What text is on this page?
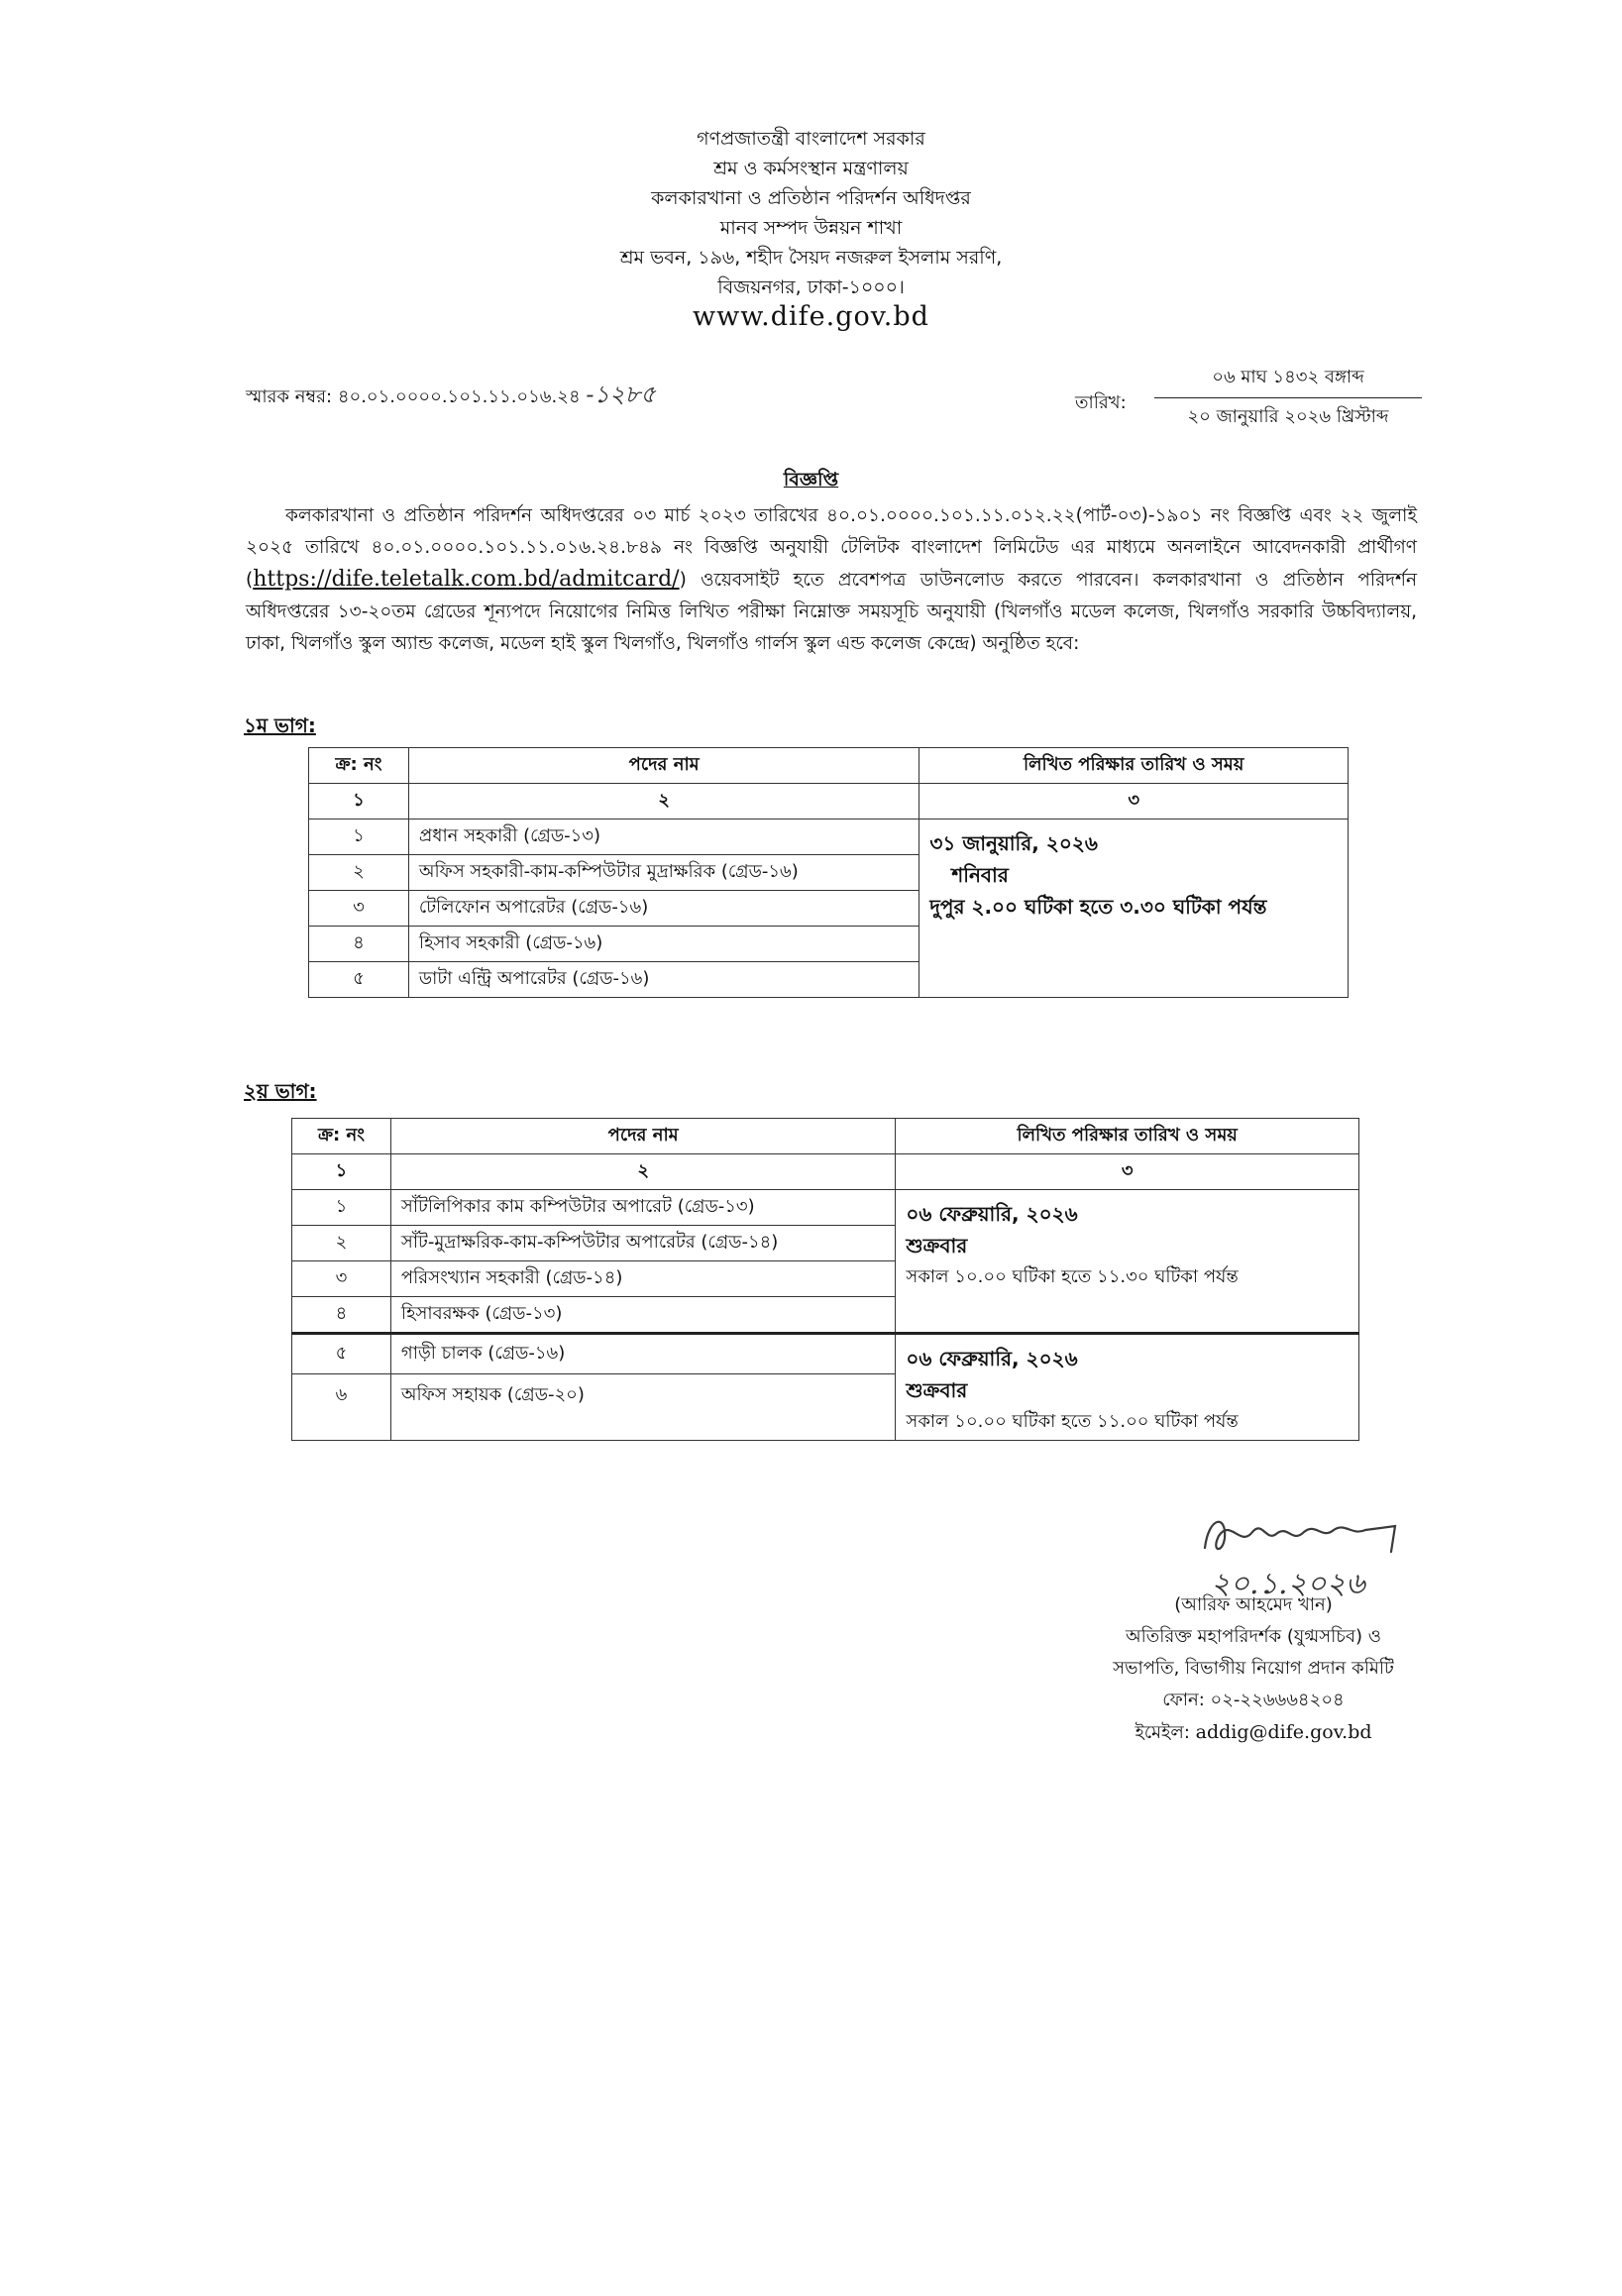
গণপ্রজাতন্ত্রী বাংলাদেশ সরকার
শ্রম ও কর্মসংস্থান মন্ত্রণালয়
কলকারখানা ও প্রতিষ্ঠান পরিদর্শন অধিদপ্তর
মানব সম্পদ উন্নয়ন শাখা
শ্রম ভবন, ১৯৬, শহীদ সৈয়দ নজরুল ইসলাম সরণি,
বিজয়নগর, ঢাকা-১০০০।
www.dife.gov.bd
স্মারক নম্বর: ৪০.০১.০০০০.১০১.১১.০১৬.২৪ -১২৮৫	তারিখ:
০৬ মাঘ ১৪৩২ বঙ্গাব্দ
২০ জানুয়ারি ২০২৬ খ্রিস্টাব্দ
বিজ্ঞপ্তি
কলকারখানা ও প্রতিষ্ঠান পরিদর্শন অধিদপ্তরের ০৩ মার্চ ২০২৩ তারিখের ৪০.০১.০০০০.১০১.১১.০১২.২২(পার্ট-০৩)-১৯০১ নং বিজ্ঞপ্তি এবং ২২ জুলাই ২০২৫ তারিখে ৪০.০১.০০০০.১০১.১১.০১৬.২৪.৮৪৯ নং বিজ্ঞপ্তি অনুযায়ী টেলিটক বাংলাদেশ লিমিটেড এর মাধ্যমে অনলাইনে আবেদনকারী প্রার্থীগণ (https://dife.teletalk.com.bd/admitcard/) ওয়েবসাইট হতে প্রবেশপত্র ডাউনলোড করতে পারবেন। কলকারখানা ও প্রতিষ্ঠান পরিদর্শন অধিদপ্তরের ১৩-২০তম গ্রেডের শূন্যপদে নিয়োগের নিমিত্ত লিখিত পরীক্ষা নিম্নোক্ত সময়সূচি অনুযায়ী (খিলগাঁও মডেল কলেজ, খিলগাঁও সরকারি উচ্চবিদ্যালয়, ঢাকা, খিলগাঁও স্কুল অ্যান্ড কলেজ, মডেল হাই স্কুল খিলগাঁও, খিলগাঁও গার্লস স্কুল এন্ড কলেজ কেন্দ্রে) অনুষ্ঠিত হবে:
১ম ভাগ:
ক্র: নং	পদের নাম	লিখিত পরিক্ষার তারিখ ও সময়
১	২	৩
১	প্রধান সহকারী (গ্রেড-১৩)	৩১ জানুয়ারি, ২০২৬
শনিবার
দুপুর ২.০০ ঘটিকা হতে ৩.৩০ ঘটিকা পর্যন্ত

২	অফিস সহকারী-কাম-কম্পিউটার মুদ্রাক্ষরিক (গ্রেড-১৬)	
৩	টেলিফোন অপারেটর (গ্রেড-১৬)	
৪	হিসাব সহকারী (গ্রেড-১৬)	
৫	ডাটা এন্ট্রি অপারেটর (গ্রেড-১৬)	
২য় ভাগ:
ক্র: নং	পদের নাম	লিখিত পরিক্ষার তারিখ ও সময়
১	২	৩
১	সাঁটলিপিকার কাম কম্পিউটার অপারেট (গ্রেড-১৩)	০৬ ফেব্রুয়ারি, ২০২৬
শুক্রবার
সকাল ১০.০০ ঘটিকা হতে ১১.৩০ ঘটিকা পর্যন্ত

২	সাঁট-মুদ্রাক্ষরিক-কাম-কম্পিউটার অপারেটর (গ্রেড-১৪)	
৩	পরিসংখ্যান সহকারী (গ্রেড-১৪)	
৪	হিসাবরক্ষক (গ্রেড-১৩)	
৫	গাড়ী চালক (গ্রেড-১৬)	০৬ ফেব্রুয়ারি, ২০২৬
শুক্রবার
সকাল ১০.০০ ঘটিকা হতে ১১.০০ ঘটিকা পর্যন্ত

৬	অফিস সহায়ক (গ্রেড-২০)	
২০.১.২০২৬
(আরিফ আহমেদ খান)
অতিরিক্ত মহাপরিদর্শক (যুগ্মসচিব) ও
সভাপতি, বিভাগীয় নিয়োগ প্রদান কমিটি
ফোন: ০২-২২৬৬৬৪২০৪
ইমেইল: addig@dife.gov.bd
